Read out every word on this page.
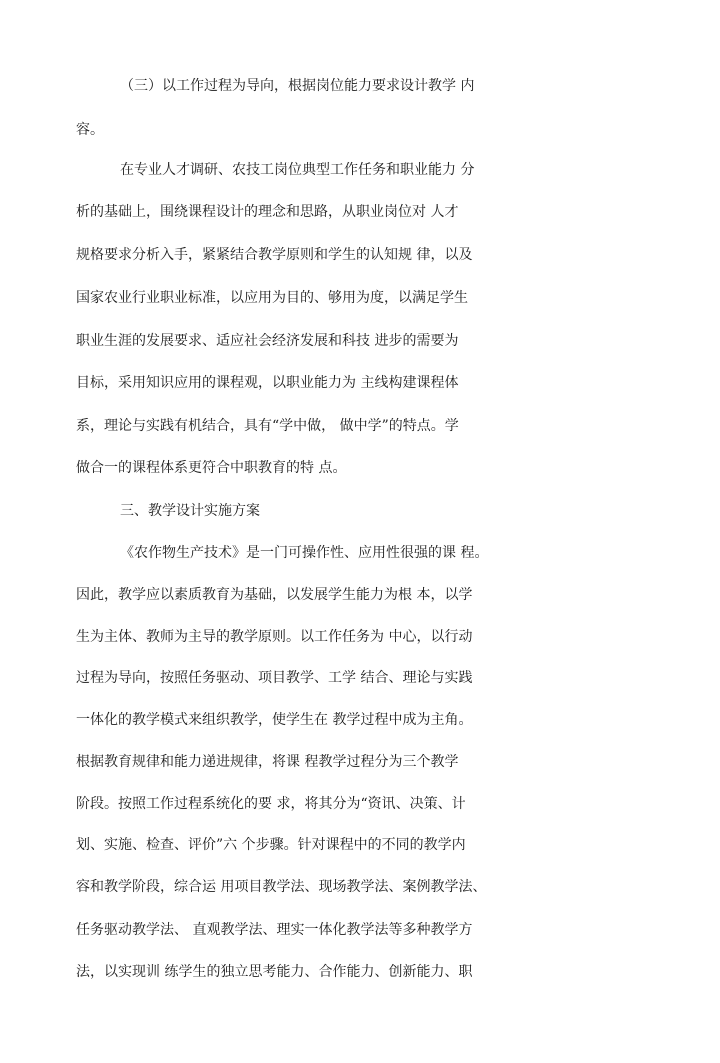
（三）以工作过程为导向，根据岗位能力要求设计教学 内
容。
在专业人才调研、农技工岗位典型工作任务和职业能力 分
析的基础上，围绕课程设计的理念和思路，从职业岗位对 人才
规格要求分析入手，紧紧结合教学原则和学生的认知规 律，以及
国家农业行业职业标准，以应用为目的、够用为度，以满足学生
职业生涯的发展要求、适应社会经济发展和科技 进步的需要为
目标，采用知识应用的课程观，以职业能力为 主线构建课程体
系，理论与实践有机结合，具有“学中做， 做中学”的特点。学
做合一的课程体系更符合中职教育的特 点。
三、教学设计实施方案
《农作物生产技术》是一门可操作性、应用性很强的课 程。
因此，教学应以素质教育为基础，以发展学生能力为根 本，以学
生为主体、教师为主导的教学原则。以工作任务为 中心，以行动
过程为导向，按照任务驱动、项目教学、工学 结合、理论与实践
一体化的教学模式来组织教学，使学生在 教学过程中成为主角。
根据教育规律和能力递进规律，将课 程教学过程分为三个教学
阶段。按照工作过程系统化的要 求，将其分为“资讯、决策、计
划、实施、检查、评价”六 个步骤。针对课程中的不同的教学内
容和教学阶段，综合运 用项目教学法、现场教学法、案例教学法、
任务驱动教学法、 直观教学法、理实一体化教学法等多种教学方
法，以实现训 练学生的独立思考能力、合作能力、创新能力、职
